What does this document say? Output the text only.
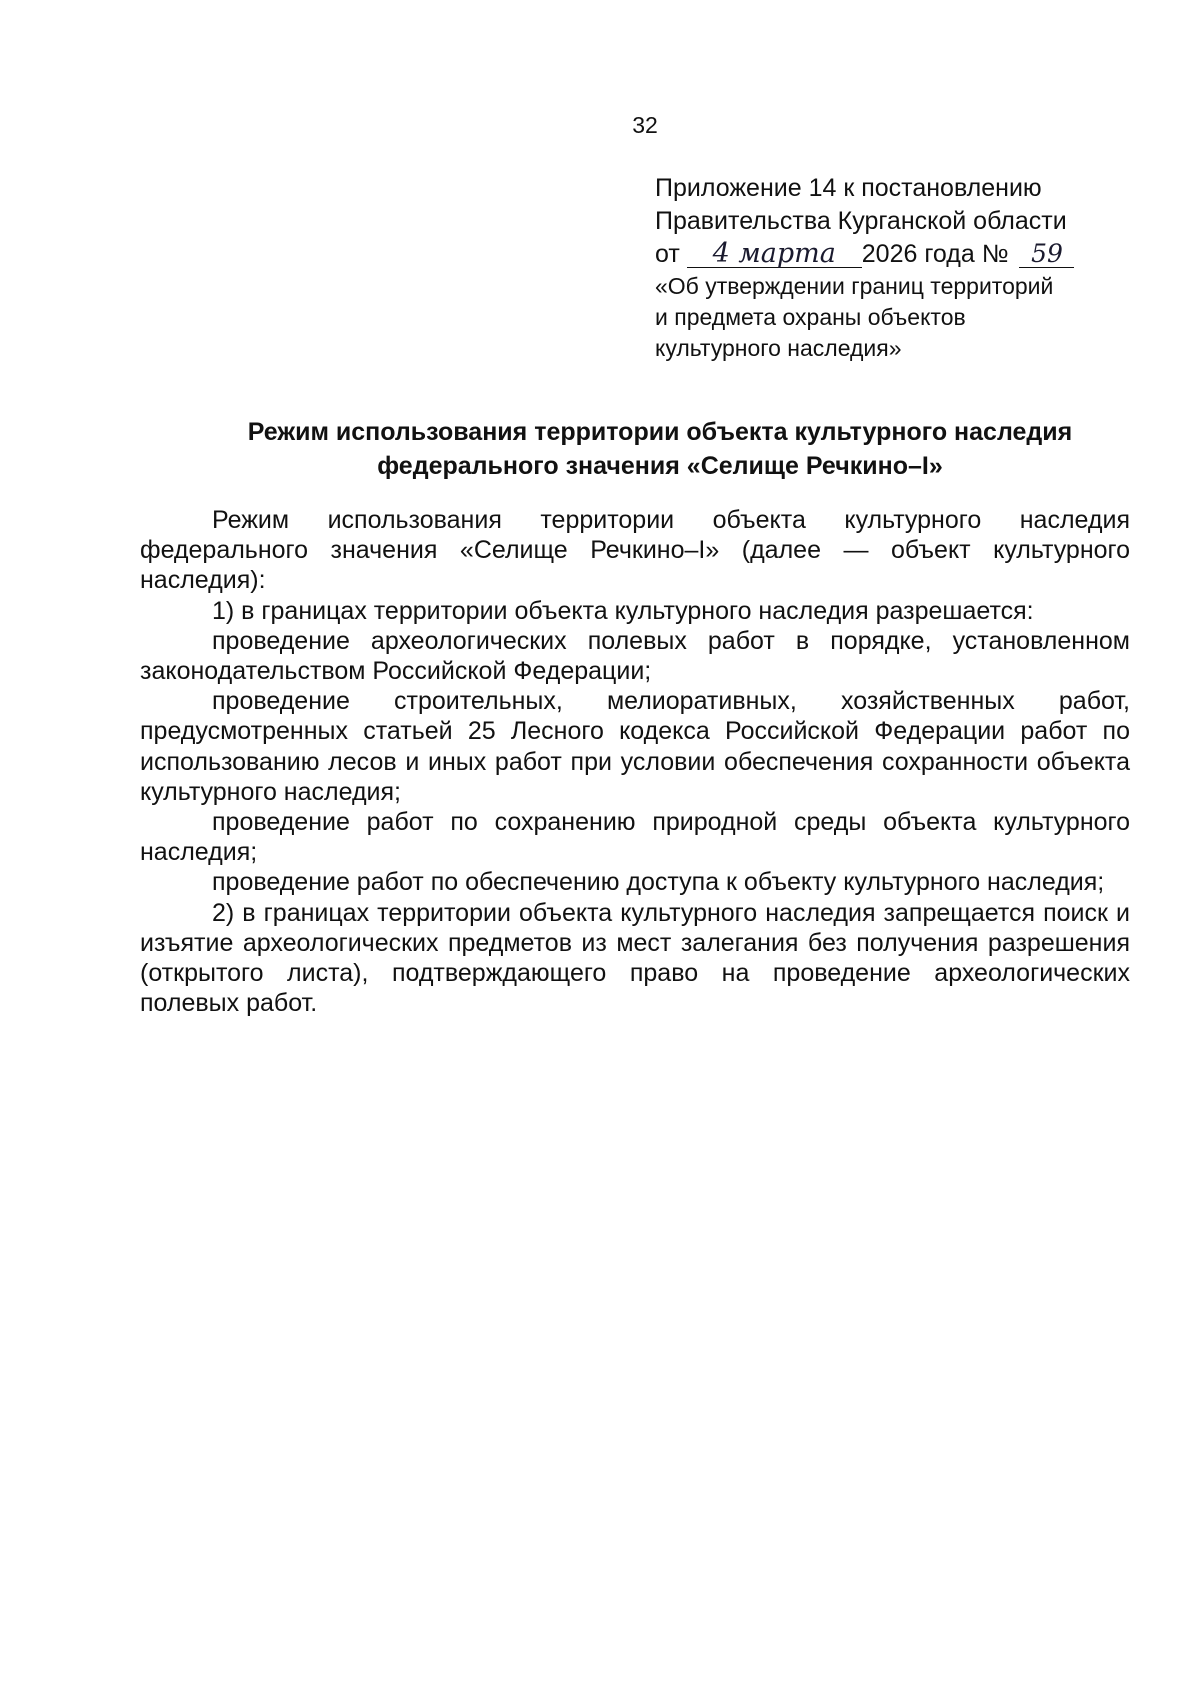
32
Приложение 14 к постановлению
Правительства Курганской области
от 4 марта 2026 года № 59
«Об утверждении границ территорий
и предмета охраны объектов
культурного наследия»
Режим использования территории объекта культурного наследия
федерального значения «Селище Речкино–I»

Режим использования территории объекта культурного наследия федерального значения «Селище Речкино–I» (далее — объект культурного наследия):

1) в границах территории объекта культурного наследия разрешается:

проведение археологических полевых работ в порядке, установленном законодательством Российской Федерации;

проведение строительных, мелиоративных, хозяйственных работ, предусмотренных статьей 25 Лесного кодекса Российской Федерации работ по использованию лесов и иных работ при условии обеспечения сохранности объекта культурного наследия;

проведение работ по сохранению природной среды объекта культурного наследия;

проведение работ по обеспечению доступа к объекту культурного наследия;

2) в границах территории объекта культурного наследия запрещается поиск и изъятие археологических предметов из мест залегания без получения разрешения (открытого листа), подтверждающего право на проведение археологических полевых работ.
